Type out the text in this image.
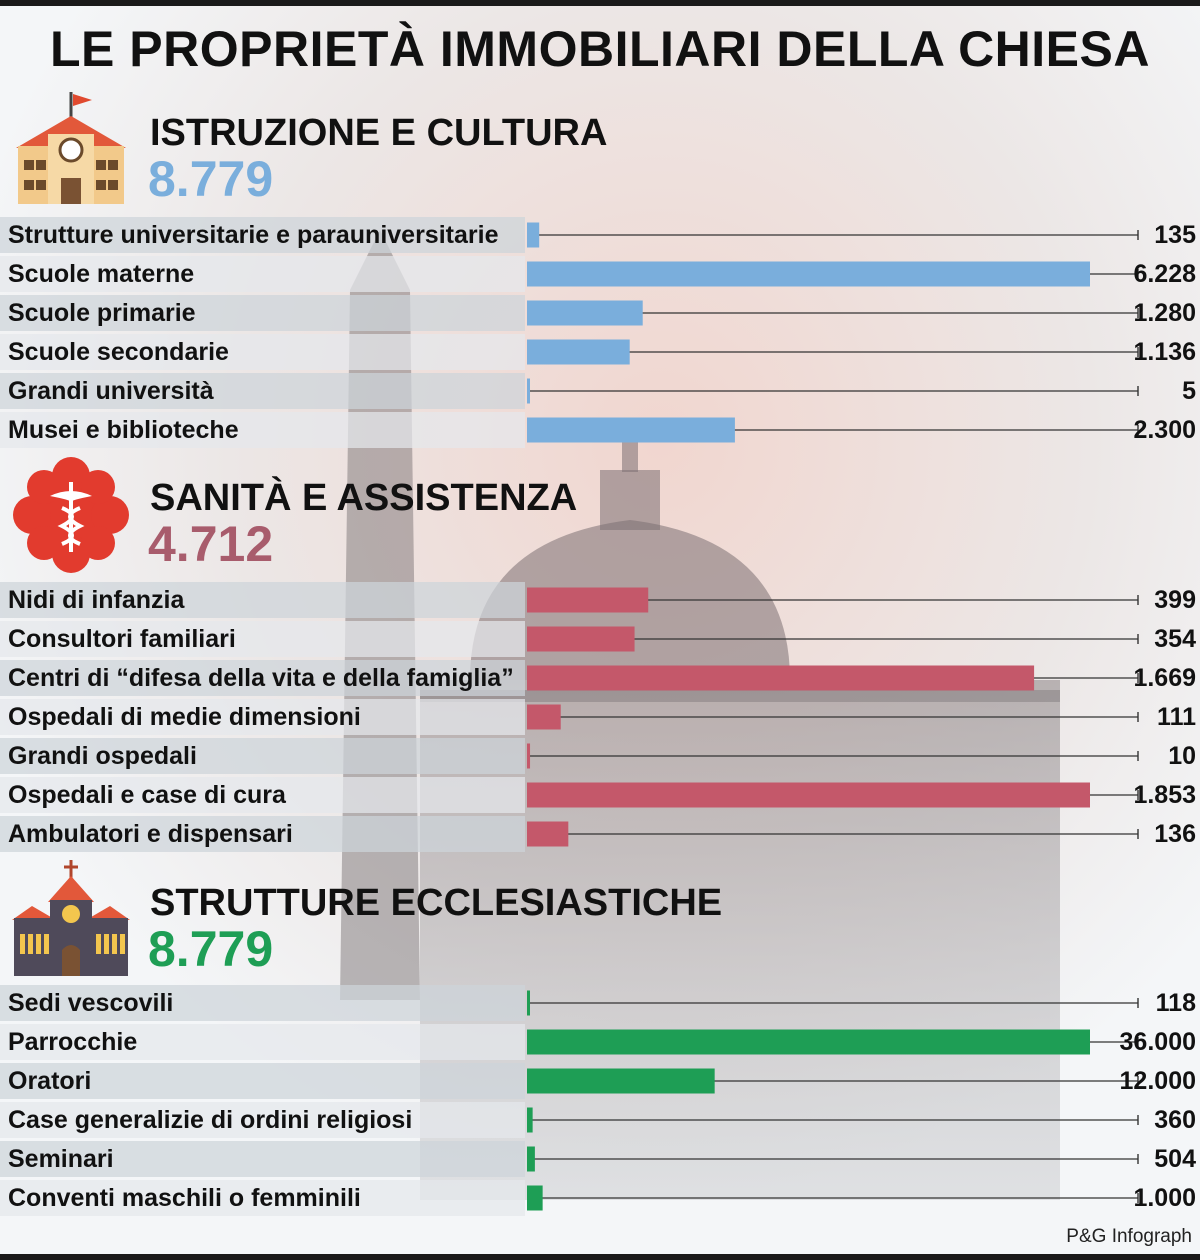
LE PROPRIETÀ IMMOBILIARI DELLA CHIESA
ISTRUZIONE E CULTURA
8.779
SANITÀ E ASSISTENZA
4.712
STRUTTURE ECCLESIASTICHE
8.779
Strutture universitarie e parauniversitarie	135
Scuole materne	6.228
Scuole primarie	1.280
Scuole secondarie	1.136
Grandi università	5
Musei e biblioteche	2.300
Nidi di infanzia	399
Consultori familiari	354
Centri di “difesa della vita e della famiglia”	1.669
Ospedali di medie dimensioni	111
Grandi ospedali	10
Ospedali e case di cura	1.853
Ambulatori e dispensari	136
Sedi vescovili	118
Parrocchie	36.000
Oratori	12.000
Case generalizie di ordini religiosi	360
Seminari	504
Conventi maschili o femminili	1.000
P&G Infograph
